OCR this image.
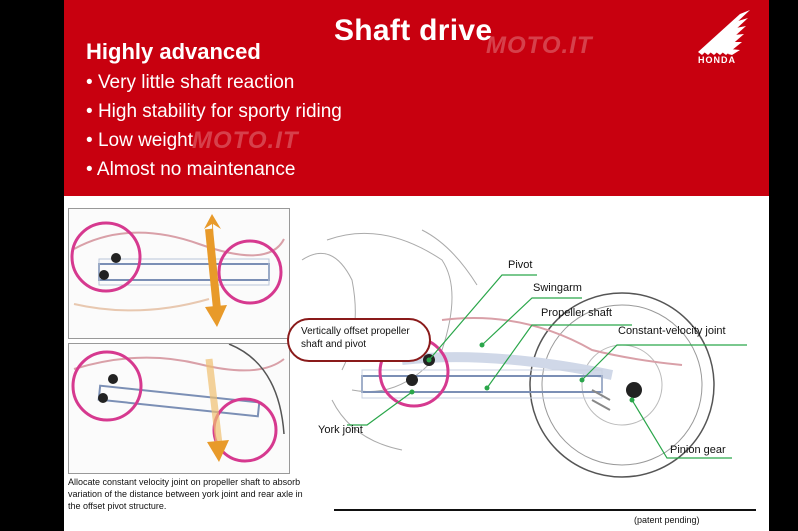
Shaft drive
MOTO.IT
MOTO.IT
Highly advanced
• Very little shaft reaction
• High stability for sporty riding
• Low weight
• Almost no maintenance
HONDA
Allocate constant velocity joint on propeller shaft to absorb variation of the distance between york joint and rear axle in the offset pivot structure.
Vertically offset propeller
shaft and pivot
Pivot
Swingarm
Propeller shaft
Constant-velocity joint
York joint
Pinion gear
(patent pending)
